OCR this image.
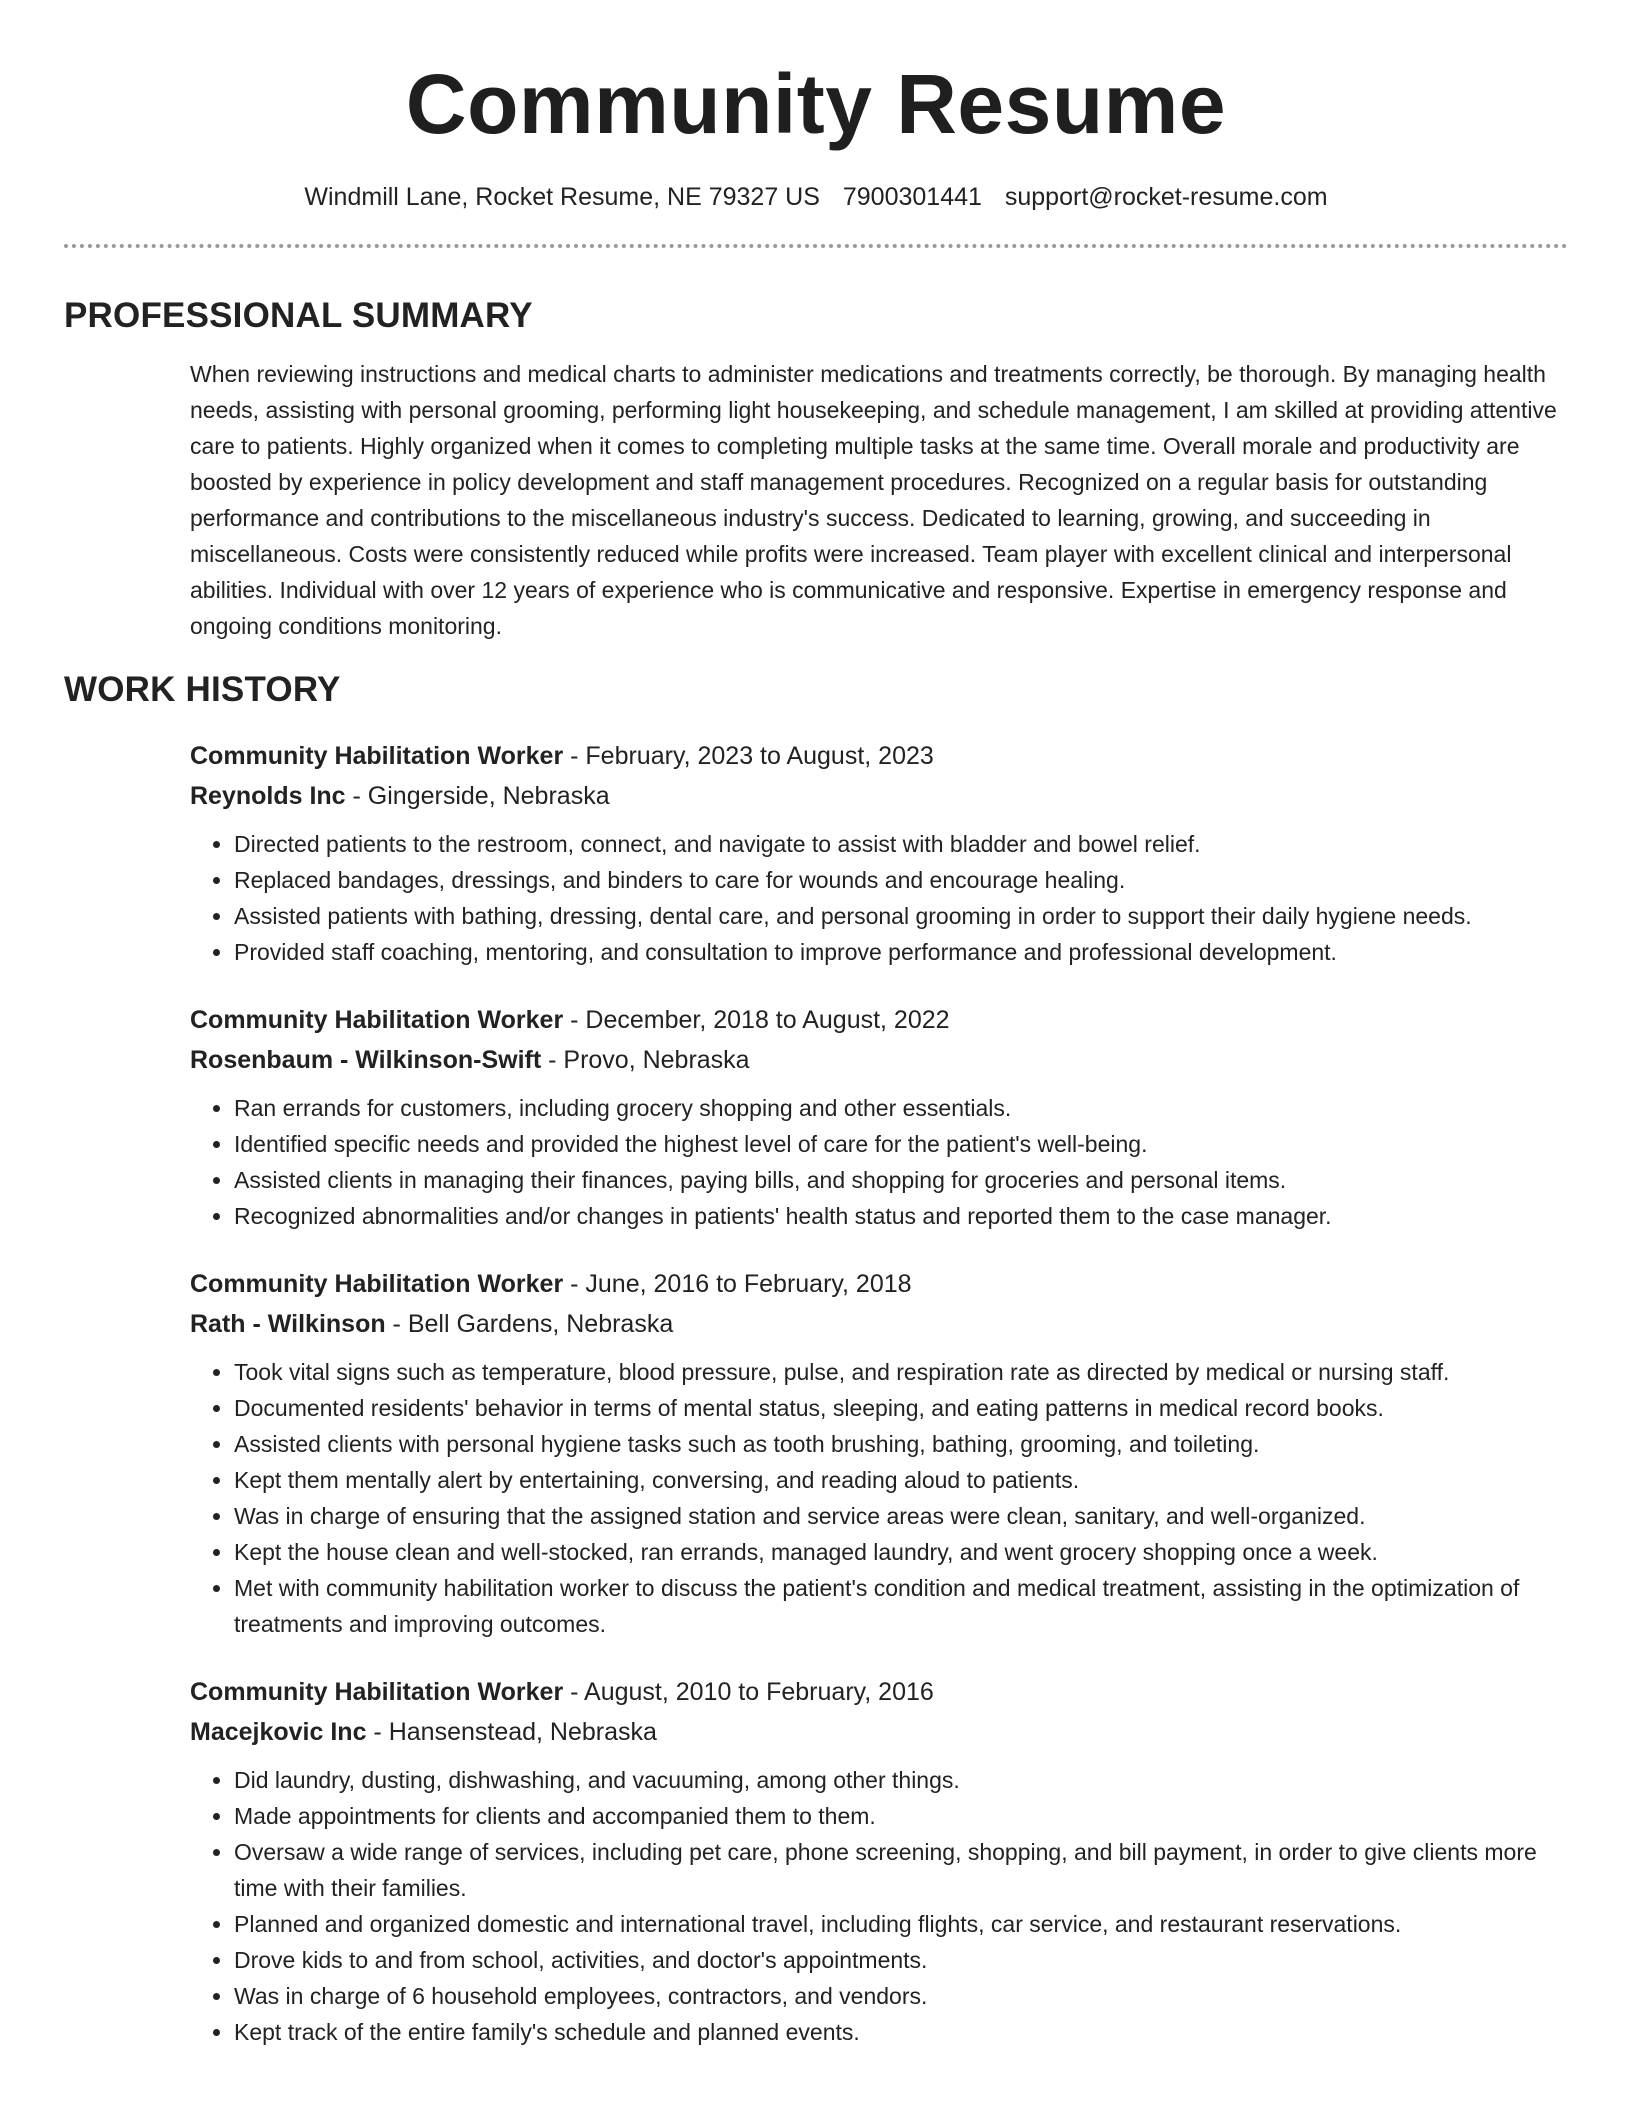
Community Resume
Windmill Lane, Rocket Resume, NE 79327 US 7900301441 support@rocket-resume.com
PROFESSIONAL SUMMARY
When reviewing instructions and medical charts to administer medications and treatments correctly, be thorough. By managing health needs, assisting with personal grooming, performing light housekeeping, and schedule management, I am skilled at providing attentive care to patients. Highly organized when it comes to completing multiple tasks at the same time. Overall morale and productivity are boosted by experience in policy development and staff management procedures. Recognized on a regular basis for outstanding performance and contributions to the miscellaneous industry's success. Dedicated to learning, growing, and succeeding in miscellaneous. Costs were consistently reduced while profits were increased. Team player with excellent clinical and interpersonal abilities. Individual with over 12 years of experience who is communicative and responsive. Expertise in emergency response and ongoing conditions monitoring.
WORK HISTORY
Community Habilitation Worker - February, 2023 to August, 2023
Reynolds Inc - Gingerside, Nebraska
• Directed patients to the restroom, connect, and navigate to assist with bladder and bowel relief.
• Replaced bandages, dressings, and binders to care for wounds and encourage healing.
• Assisted patients with bathing, dressing, dental care, and personal grooming in order to support their daily hygiene needs.
• Provided staff coaching, mentoring, and consultation to improve performance and professional development.
Community Habilitation Worker - December, 2018 to August, 2022
Rosenbaum - Wilkinson-Swift - Provo, Nebraska
• Ran errands for customers, including grocery shopping and other essentials.
• Identified specific needs and provided the highest level of care for the patient's well-being.
• Assisted clients in managing their finances, paying bills, and shopping for groceries and personal items.
• Recognized abnormalities and/or changes in patients' health status and reported them to the case manager.
Community Habilitation Worker - June, 2016 to February, 2018
Rath - Wilkinson - Bell Gardens, Nebraska
• Took vital signs such as temperature, blood pressure, pulse, and respiration rate as directed by medical or nursing staff.
• Documented residents' behavior in terms of mental status, sleeping, and eating patterns in medical record books.
• Assisted clients with personal hygiene tasks such as tooth brushing, bathing, grooming, and toileting.
• Kept them mentally alert by entertaining, conversing, and reading aloud to patients.
• Was in charge of ensuring that the assigned station and service areas were clean, sanitary, and well-organized.
• Kept the house clean and well-stocked, ran errands, managed laundry, and went grocery shopping once a week.
• Met with community habilitation worker to discuss the patient's condition and medical treatment, assisting in the optimization of treatments and improving outcomes.
Community Habilitation Worker - August, 2010 to February, 2016
Macejkovic Inc - Hansenstead, Nebraska
• Did laundry, dusting, dishwashing, and vacuuming, among other things.
• Made appointments for clients and accompanied them to them.
• Oversaw a wide range of services, including pet care, phone screening, shopping, and bill payment, in order to give clients more time with their families.
• Planned and organized domestic and international travel, including flights, car service, and restaurant reservations.
• Drove kids to and from school, activities, and doctor's appointments.
• Was in charge of 6 household employees, contractors, and vendors.
• Kept track of the entire family's schedule and planned events.
